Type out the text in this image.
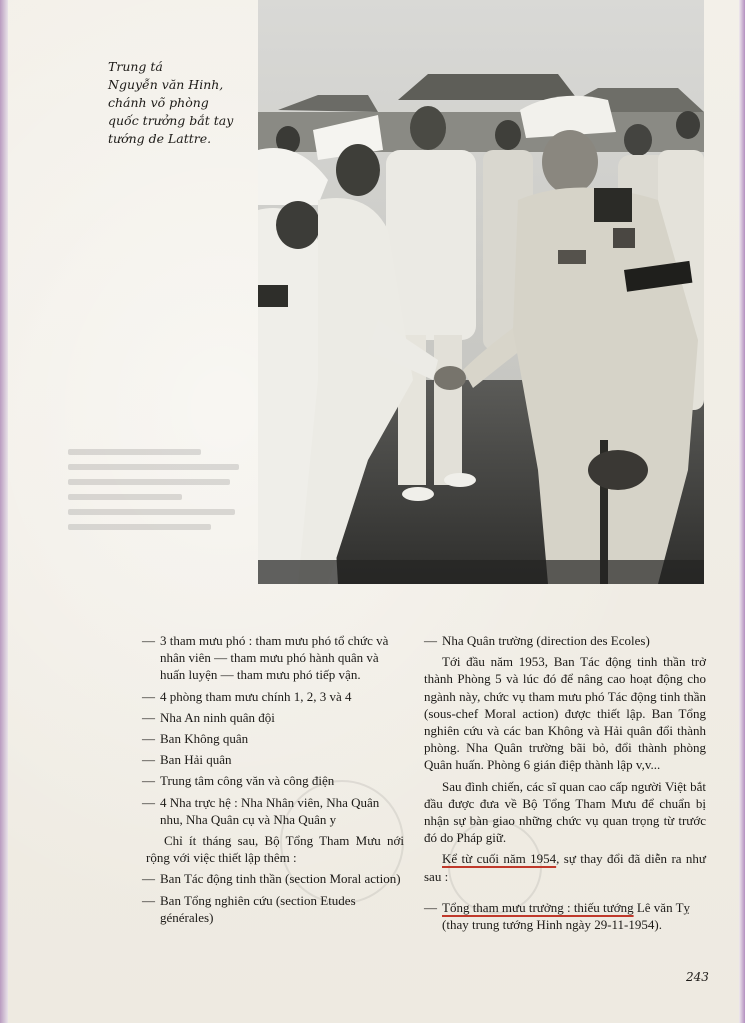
Trung tá
Nguyễn văn Hinh,
chánh võ phòng
quốc trưởng bắt tay
tướng de Lattre.
— 3 tham mưu phó : tham mưu phó tổ chức và nhân viên — tham mưu phó hành quân và huấn luyện — tham mưu phó tiếp vận.
— 4 phòng tham mưu chính 1, 2, 3 và 4
— Nha An ninh quân đội
— Ban Không quân
— Ban Hải quân
— Trung tâm công văn và công điện
— 4 Nha trực hệ : Nha Nhân viên, Nha Quân nhu, Nha Quân cụ và Nha Quân y
Chỉ ít tháng sau, Bộ Tổng Tham Mưu nới rộng với việc thiết lập thêm :
— Ban Tác động tinh thần (section Moral action)
— Ban Tổng nghiên cứu (section Etudes générales)
— Nha Quân trường (direction des Ecoles)
Tới đầu năm 1953, Ban Tác động tinh thần trở thành Phòng 5 và lúc đó để nâng cao hoạt động cho ngành này, chức vụ tham mưu phó Tác động tinh thần (sous-chef Moral action) được thiết lập. Ban Tổng nghiên cứu và các ban Không và Hải quân đổi thành phòng. Nha Quân trường bãi bỏ, đổi thành phòng Quân huấn. Phòng 6 gián điệp thành lập v,v...
Sau đình chiến, các sĩ quan cao cấp người Việt bắt đầu được đưa về Bộ Tổng Tham Mưu để chuẩn bị nhận sự bàn giao những chức vụ quan trọng từ trước đó do Pháp giữ.
Kể từ cuối năm 1954, sự thay đổi đã diễn ra như sau :
— Tổng tham mưu trưởng : thiếu tướng Lê văn Tỵ (thay trung tướng Hinh ngày 29-11-1954).
243
